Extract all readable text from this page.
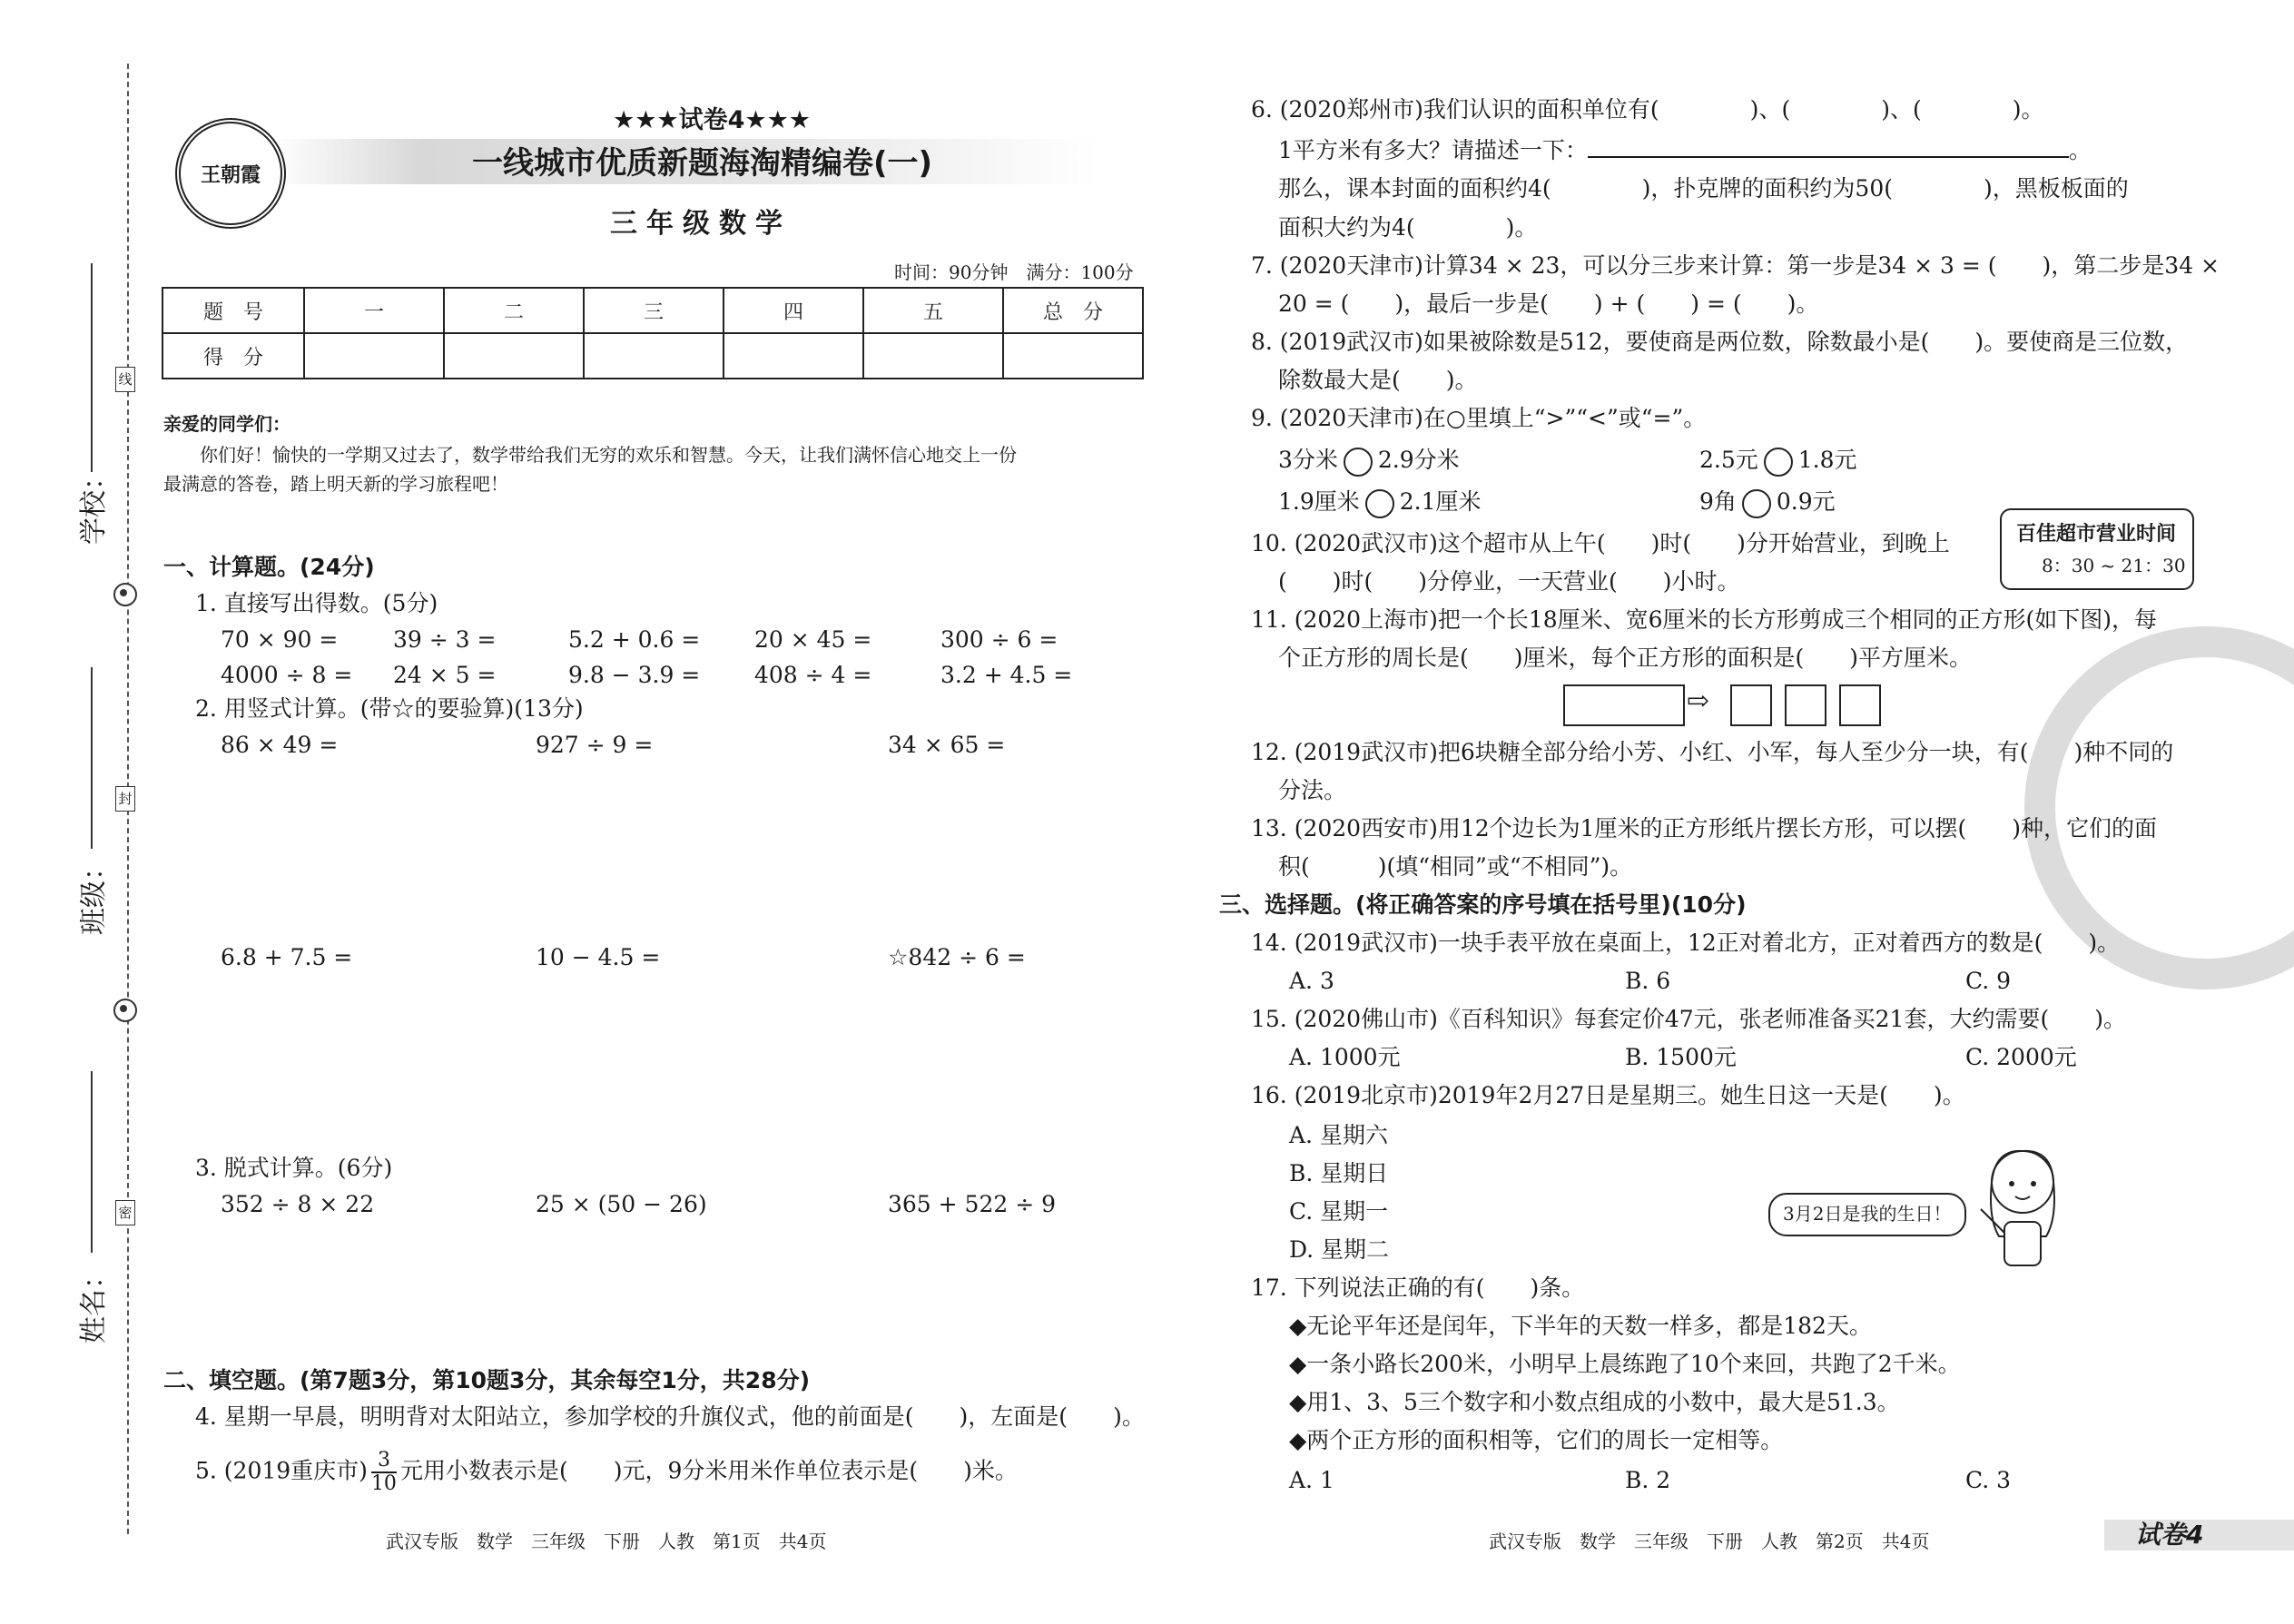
学校：
班级：
姓名：
线
封
密
王朝霞
★★★试卷4★★★
一线城市优质新题海淘精编卷(一)
三年级数学
时间：90分钟　满分：100分
题　号	一	二	三	四	五	总　分
得　分						
亲爱的同学们：
你们好！愉快的一学期又过去了，数学带给我们无穷的欢乐和智慧。今天，让我们满怀信心地交上一份
最满意的答卷，踏上明天新的学习旅程吧！
一、计算题。(24分)
1. 直接写出得数。(5分)
70 × 90 = 39 ÷ 3 =	5.2 + 0.6 = 20 × 45 =	300 ÷ 6 =
4000 ÷ 8 = 24 × 5 =	9.8 − 3.9 = 408 ÷ 4 =	3.2 + 4.5 =
2. 用竖式计算。(带☆的要验算)(13分)
86 × 49 =	927 ÷ 9 =	34 × 65 =
6.8 + 7.5 =	10 − 4.5 =	☆842 ÷ 6 =
3. 脱式计算。(6分)
352 ÷ 8 × 22	25 × (50 − 26)	365 + 522 ÷ 9
二、填空题。(第7题3分，第10题3分，其余每空1分，共28分)
4. 星期一早晨，明明背对太阳站立，参加学校的升旗仪式，他的前面是(　　)，左面是(　　)。
5. (2019重庆市) $\frac{3}{10}$ 元用小数表示是(　　)元，9分米用米作单位表示是(　　)米。
武汉专版　数学　三年级　下册　人教　第1页　共4页
6. (2020郑州市)我们认识的面积单位有(　　　　)、(　　　　)、(　　　　)。
1平方米有多大？请描述一下：	。
那么，课本封面的面积约4(　　　　)，扑克牌的面积约为50(　　　　)，黑板板面的
面积大约为4(　　　　)。
7. (2020天津市)计算34 × 23，可以分三步来计算：第一步是34 × 3 = (　　)，第二步是34 ×
20 = (　　)，最后一步是(　　) + (　　) = (　　)。
8. (2019武汉市)如果被除数是512，要使商是两位数，除数最小是(　　)。要使商是三位数，
除数最大是(　　)。
9. (2020天津市)在○里填上“>”“<”或“=”。
3分米 2.9分米	2.5元 1.8元
1.9厘米 2.1厘米	9角 0.9元
10. (2020武汉市)这个超市从上午(　　)时(　　)分开始营业，到晚上
(　　)时(　　)分停业，一天营业(　　)小时。
百佳超市营业时间
8：30 ~ 21：30
11. (2020上海市)把一个长18厘米、宽6厘米的长方形剪成三个相同的正方形(如下图)，每
个正方形的周长是(　　)厘米，每个正方形的面积是(　　)平方厘米。
⇨
12. (2019武汉市)把6块糖全部分给小芳、小红、小军，每人至少分一块，有(　　)种不同的
分法。
13. (2020西安市)用12个边长为1厘米的正方形纸片摆长方形，可以摆(　　)种，它们的面
积(　　　)(填“相同”或“不相同”)。
三、选择题。(将正确答案的序号填在括号里)(10分)
14. (2019武汉市)一块手表平放在桌面上，12正对着北方，正对着西方的数是(　　)。
A. 3	B. 6	C. 9
15. (2020佛山市)《百科知识》每套定价47元，张老师准备买21套，大约需要(　　)。
A. 1000元	B. 1500元	C. 2000元
16. (2019北京市)2019年2月27日是星期三。她生日这一天是(　　)。
A. 星期六
B. 星期日
C. 星期一
D. 星期二
3月2日是我的生日！
17. 下列说法正确的有(　　)条。
◆无论平年还是闰年，下半年的天数一样多，都是182天。
◆一条小路长200米，小明早上晨练跑了10个来回，共跑了2千米。
◆用1、3、5三个数字和小数点组成的小数中，最大是51.3。
◆两个正方形的面积相等，它们的周长一定相等。
A. 1	B. 2	C. 3
武汉专版　数学　三年级　下册　人教　第2页　共4页	试卷4
